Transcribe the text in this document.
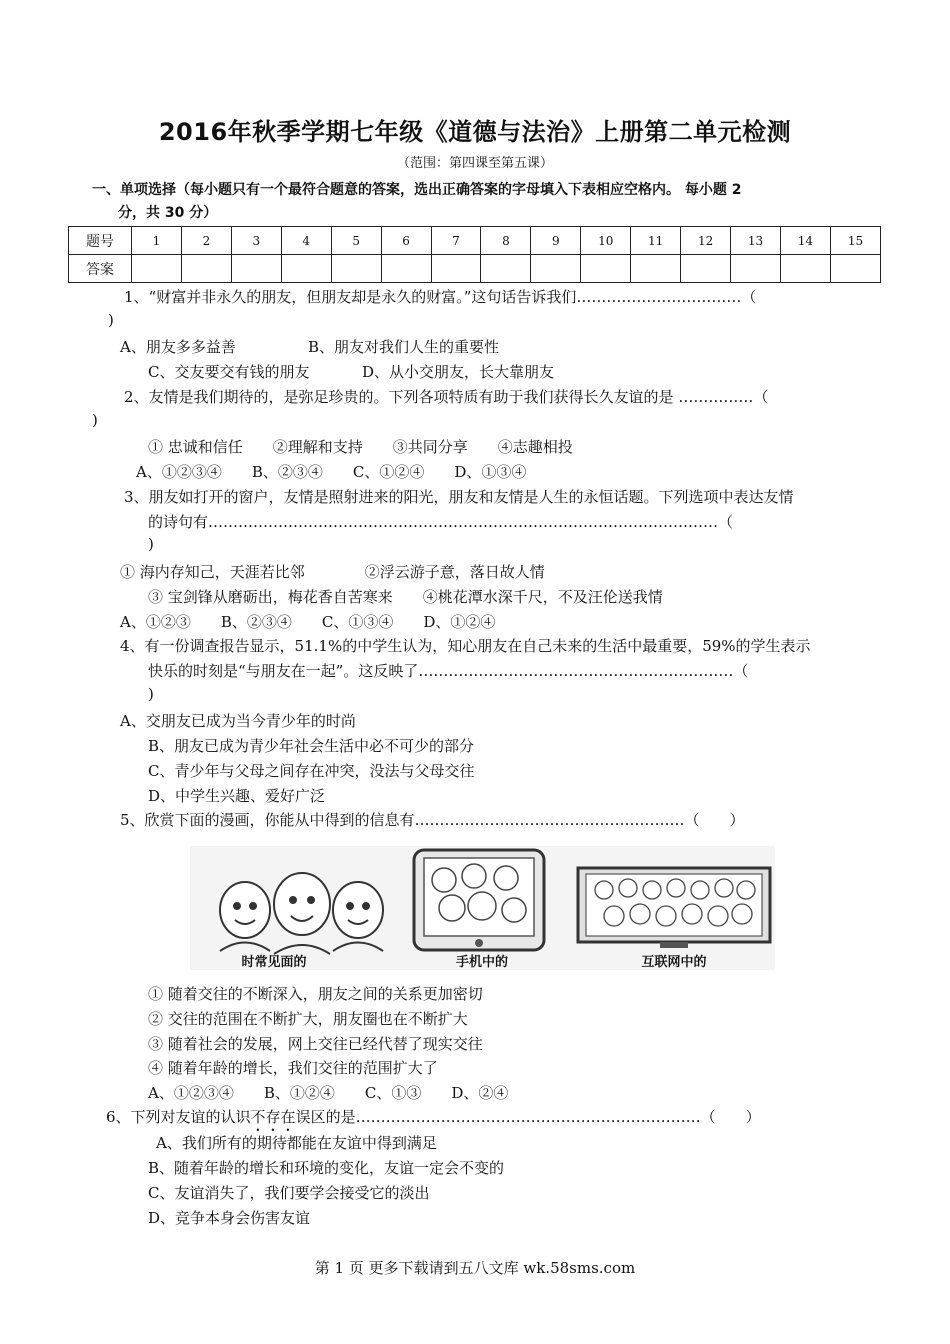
2016年秋季学期七年级《道德与法治》上册第二单元检测
（范围：第四课至第五课）
一、单项选择（每小题只有一个最符合题意的答案，选出正确答案的字母填入下表相应空格内。 每小题 2
分，共 30 分）
题号	1	2	3	4	5	6	7	8	9	10	11	12	13	14	15
答案															
1、“财富并非永久的朋友，但朋友却是永久的财富。”这句话告诉我们……………………………（
)
A、朋友多多益善	B、朋友对我们人生的重要性
C、交友要交有钱的朋友	D、从小交朋友，长大靠朋友
2、友情是我们期待的，是弥足珍贵的。下列各项特质有助于我们获得长久友谊的是 ……………（
)
① 忠诚和信任　　②理解和支持　　③共同分享　　④志趣相投
A、①②③④　　B、②③④　　C、①②④　　D、①③④
3、朋友如打开的窗户，友情是照射进来的阳光，朋友和友情是人生的永恒话题。下列选项中表达友情
的诗句有…………………………………………………………………………………………（
)
① 海内存知己，天涯若比邻　　　　②浮云游子意，落日故人情
③ 宝剑锋从磨砺出，梅花香自苦寒来　　④桃花潭水深千尺，不及汪伦送我情
A、①②③　　B、②③④　　C、①③④　　D、①②④
4、有一份调查报告显示，51.1%的中学生认为，知心朋友在自己未来的生活中最重要，59%的学生表示
快乐的时刻是“与朋友在一起”。这反映了………………………………………………………（
)
A、交朋友已成为当今青少年的时尚
B、朋友已成为青少年社会生活中必不可少的部分
C、青少年与父母之间存在冲突，没法与父母交往
D、中学生兴趣、爱好广泛
5、欣赏下面的漫画，你能从中得到的信息有………………………………………………（　　）
时常见面的	手机中的	互联网中的
① 随着交往的不断深入，朋友之间的关系更加密切
② 交往的范围在不断扩大，朋友圈也在不断扩大
③ 随着社会的发展，网上交往已经代替了现实交往
④ 随着年龄的增长，我们交往的范围扩大了
A、①②③④　　B、①②④　　C、①③　　D、②④
6、下列对友谊的认识不存在误区的是……………………………………………………………（　　）
A、我们所有的期待都能在友谊中得到满足
B、随着年龄的增长和环境的变化，友谊一定会不变的
C、友谊消失了，我们要学会接受它的淡出
D、竞争本身会伤害友谊
第 1 页 更多下载请到五八文库 wk.58sms.com
